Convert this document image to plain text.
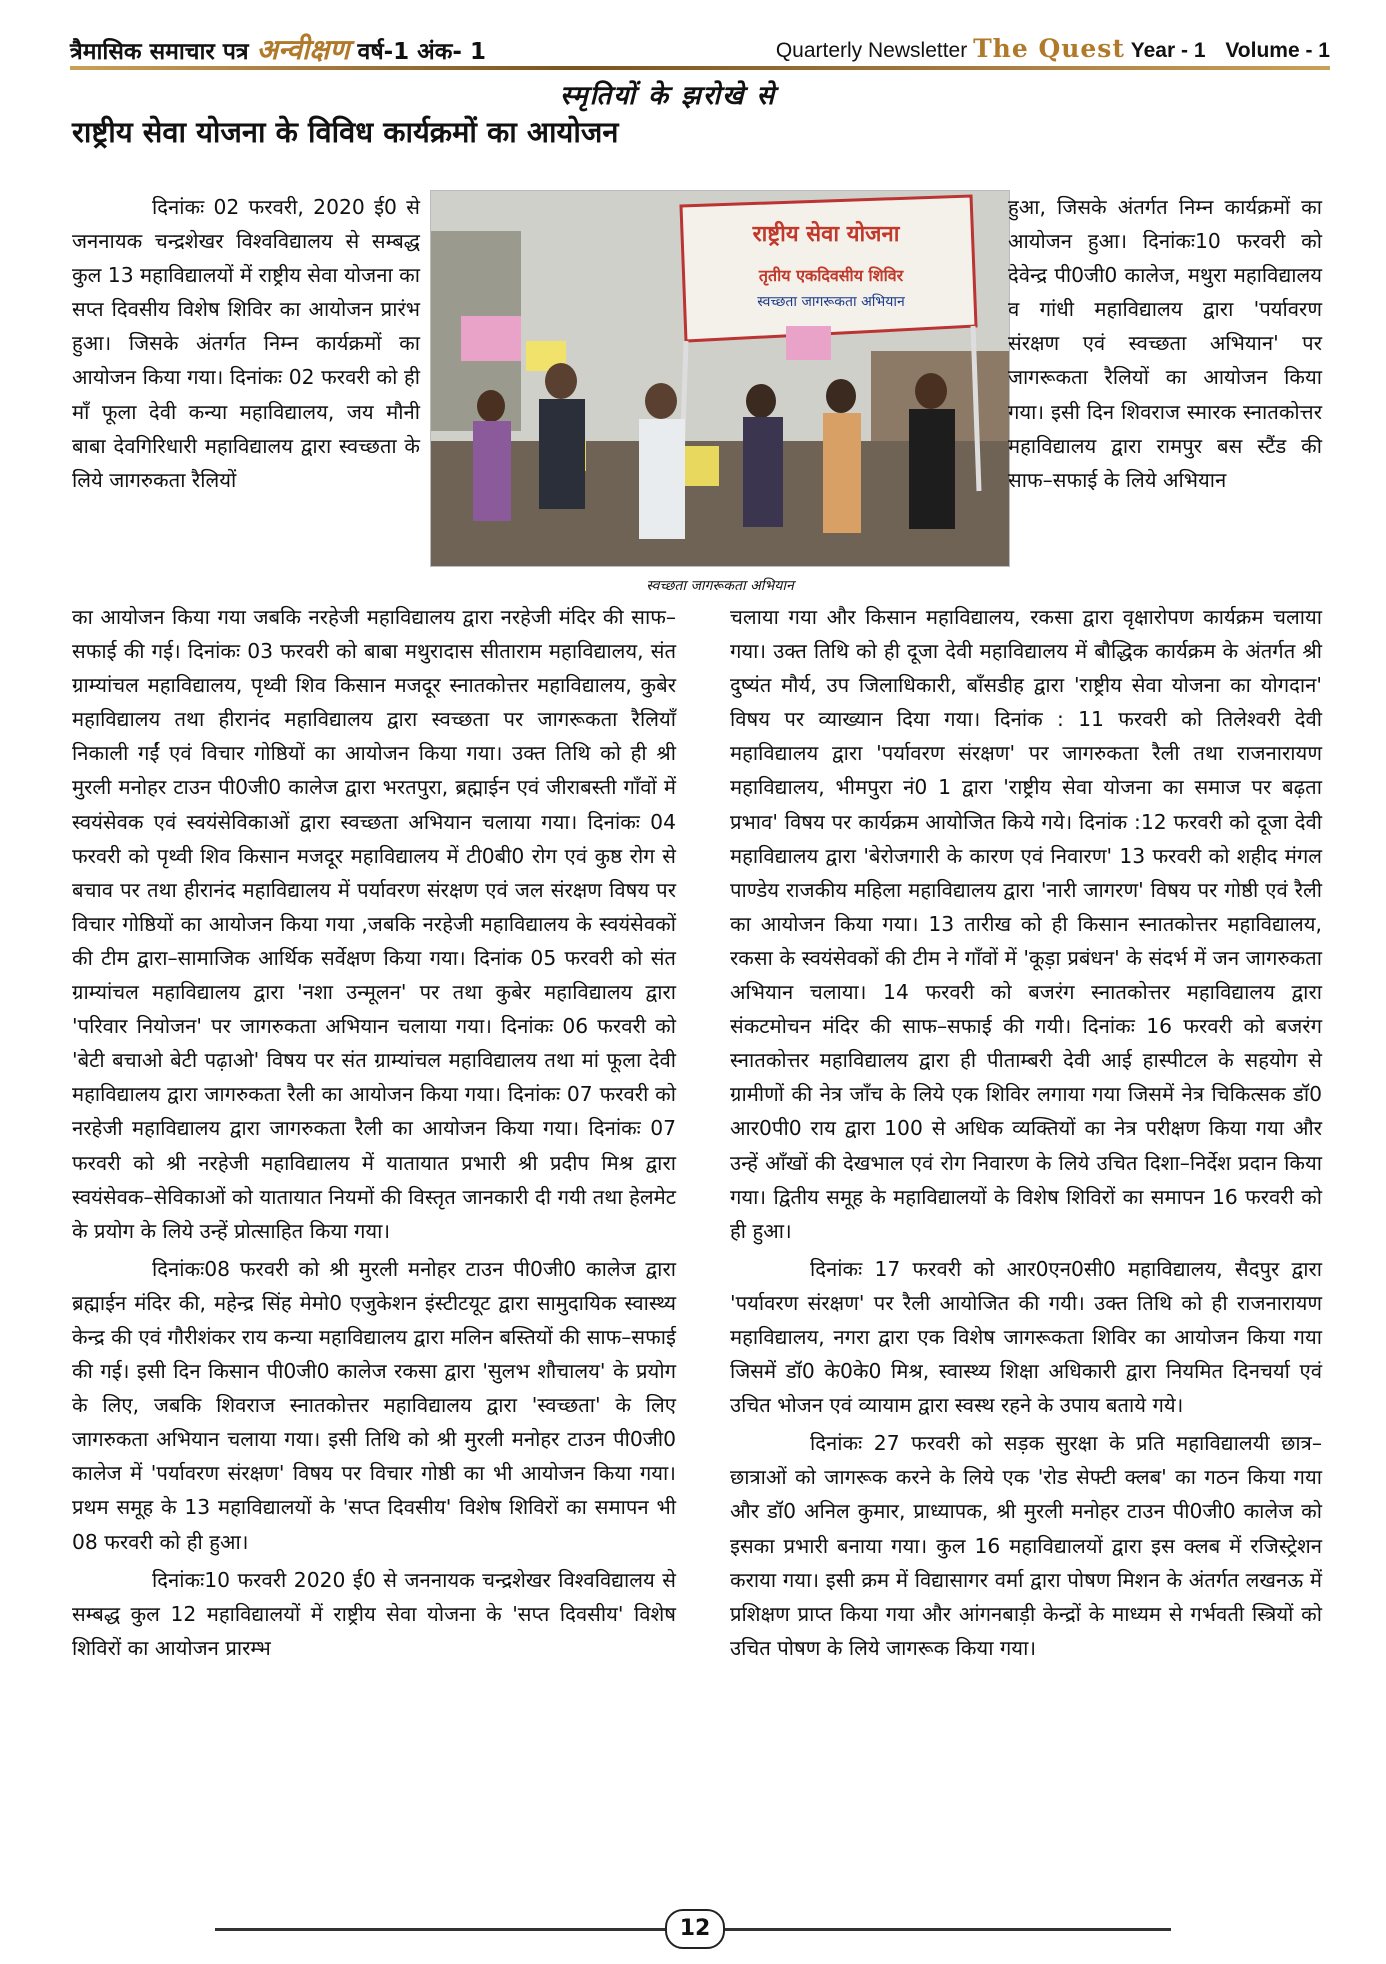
त्रैमासिक समाचार पत्र अन्वीक्षण वर्ष-1 अंक- 1	Quarterly Newsletter The Quest Year - 1 Volume - 1
स्मृतियों के झरोखे से
राष्ट्रीय सेवा योजना के विविध कार्यक्रमों का आयोजन

दिनांकः 02 फरवरी, 2020 ई0 से जननायक चन्द्रशेखर विश्वविद्यालय से सम्बद्ध कुल 13 महाविद्यालयों में राष्ट्रीय सेवा योजना का सप्त दिवसीय विशेष शिविर का आयोजन प्रारंभ हुआ। जिसके अंतर्गत निम्न कार्यक्रमों का आयोजन किया गया। दिनांकः 02 फरवरी को ही माँ फूला देवी कन्या महाविद्यालय, जय मौनी बाबा देवगिरिधारी महाविद्यालय द्वारा स्वच्छता के लिये जागरुकता रैलियों

राष्ट्रीय सेवा योजना
तृतीय एकदिवसीय शिविर
स्वच्छता जागरूकता अभियान
स्वच्छता जागरूकता अभियान

हुआ, जिसके अंतर्गत निम्न कार्यक्रमों का आयोजन हुआ। दिनांकः10 फरवरी को देवेन्द्र पी0जी0 कालेज, मथुरा महाविद्यालय व गांधी महाविद्यालय द्वारा 'पर्यावरण संरक्षण एवं स्वच्छता अभियान' पर जागरूकता रैलियों का आयोजन किया गया। इसी दिन शिवराज स्मारक स्नातकोत्तर महाविद्यालय द्वारा रामपुर बस स्टैंड की साफ–सफाई के लिये अभियान

का आयोजन किया गया जबकि नरहेजी महाविद्यालय द्वारा नरहेजी मंदिर की साफ–सफाई की गई। दिनांकः 03 फरवरी को बाबा मथुरादास सीताराम महाविद्यालय, संत ग्राम्यांचल महाविद्यालय, पृथ्वी शिव किसान मजदूर स्नातकोत्तर महाविद्यालय, कुबेर महाविद्यालय तथा हीरानंद महाविद्यालय द्वारा स्वच्छता पर जागरूकता रैलियाँ निकाली गईं एवं विचार गोष्ठियों का आयोजन किया गया। उक्त तिथि को ही श्री मुरली मनोहर टाउन पी0जी0 कालेज द्वारा भरतपुरा, ब्रह्माईन एवं जीराबस्ती गाँवों में स्वयंसेवक एवं स्वयंसेविकाओं द्वारा स्वच्छता अभियान चलाया गया। दिनांकः 04 फरवरी को पृथ्वी शिव किसान मजदूर महाविद्यालय में टी0बी0 रोग एवं कुष्ठ रोग से बचाव पर तथा हीरानंद महाविद्यालय में पर्यावरण संरक्षण एवं जल संरक्षण विषय पर विचार गोष्ठियों का आयोजन किया गया ,जबकि नरहेजी महाविद्यालय के स्वयंसेवकों की टीम द्वारा–सामाजिक आर्थिक सर्वेक्षण किया गया। दिनांक 05 फरवरी को संत ग्राम्यांचल महाविद्यालय द्वारा 'नशा उन्मूलन' पर तथा कुबेर महाविद्यालय द्वारा 'परिवार नियोजन' पर जागरुकता अभियान चलाया गया। दिनांकः 06 फरवरी को 'बेटी बचाओ बेटी पढ़ाओ' विषय पर संत ग्राम्यांचल महाविद्यालय तथा मां फूला देवी महाविद्यालय द्वारा जागरुकता रैली का आयोजन किया गया। दिनांकः 07 फरवरी को नरहेजी महाविद्यालय द्वारा जागरुकता रैली का आयोजन किया गया। दिनांकः 07 फरवरी को श्री नरहेजी महाविद्यालय में यातायात प्रभारी श्री प्रदीप मिश्र द्वारा स्वयंसेवक–सेविकाओं को यातायात नियमों की विस्तृत जानकारी दी गयी तथा हेलमेट के प्रयोग के लिये उन्हें प्रोत्साहित किया गया।

दिनांकः08 फरवरी को श्री मुरली मनोहर टाउन पी0जी0 कालेज द्वारा ब्रह्माईन मंदिर की, महेन्द्र सिंह मेमो0 एजुकेशन इंस्टीटयूट द्वारा सामुदायिक स्वास्थ्य केन्द्र की एवं गौरीशंकर राय कन्या महाविद्यालय द्वारा मलिन बस्तियों की साफ–सफाई की गई। इसी दिन किसान पी0जी0 कालेज रकसा द्वारा 'सुलभ शौचालय' के प्रयोग के लिए, जबकि शिवराज स्नातकोत्तर महाविद्यालय द्वारा 'स्वच्छता' के लिए जागरुकता अभियान चलाया गया। इसी तिथि को श्री मुरली मनोहर टाउन पी0जी0 कालेज में 'पर्यावरण संरक्षण' विषय पर विचार गोष्ठी का भी आयोजन किया गया। प्रथम समूह के 13 महाविद्यालयों के 'सप्त दिवसीय' विशेष शिविरों का समापन भी 08 फरवरी को ही हुआ।

दिनांकः10 फरवरी 2020 ई0 से जननायक चन्द्रशेखर विश्वविद्यालय से सम्बद्ध कुल 12 महाविद्यालयों में राष्ट्रीय सेवा योजना के 'सप्त दिवसीय' विशेष शिविरों का आयोजन प्रारम्भ

चलाया गया और किसान महाविद्यालय, रकसा द्वारा वृक्षारोपण कार्यक्रम चलाया गया। उक्त तिथि को ही दूजा देवी महाविद्यालय में बौद्धिक कार्यक्रम के अंतर्गत श्री दुष्यंत मौर्य, उप जिलाधिकारी, बाँसडीह द्वारा 'राष्ट्रीय सेवा योजना का योगदान' विषय पर व्याख्यान दिया गया। दिनांक : 11 फरवरी को तिलेश्वरी देवी महाविद्यालय द्वारा 'पर्यावरण संरक्षण' पर जागरुकता रैली तथा राजनारायण महाविद्यालय, भीमपुरा नं0 1 द्वारा 'राष्ट्रीय सेवा योजना का समाज पर बढ़ता प्रभाव' विषय पर कार्यक्रम आयोजित किये गये। दिनांक :12 फरवरी को दूजा देवी महाविद्यालय द्वारा 'बेरोजगारी के कारण एवं निवारण' 13 फरवरी को शहीद मंगल पाण्डेय राजकीय महिला महाविद्यालय द्वारा 'नारी जागरण' विषय पर गोष्ठी एवं रैली का आयोजन किया गया। 13 तारीख को ही किसान स्नातकोत्तर महाविद्यालय, रकसा के स्वयंसेवकों की टीम ने गाँवों में 'कूड़ा प्रबंधन' के संदर्भ में जन जागरुकता अभियान चलाया। 14 फरवरी को बजरंग स्नातकोत्तर महाविद्यालय द्वारा संकटमोचन मंदिर की साफ–सफाई की गयी। दिनांकः 16 फरवरी को बजरंग स्नातकोत्तर महाविद्यालय द्वारा ही पीताम्बरी देवी आई हास्पीटल के सहयोग से ग्रामीणों की नेत्र जाँच के लिये एक शिविर लगाया गया जिसमें नेत्र चिकित्सक डॉ0 आर0पी0 राय द्वारा 100 से अधिक व्यक्तियों का नेत्र परीक्षण किया गया और उन्हें आँखों की देखभाल एवं रोग निवारण के लिये उचित दिशा–निर्देश प्रदान किया गया। द्वितीय समूह के महाविद्यालयों के विशेष शिविरों का समापन 16 फरवरी को ही हुआ।

दिनांकः 17 फरवरी को आर0एन0सी0 महाविद्यालय, सैदपुर द्वारा 'पर्यावरण संरक्षण' पर रैली आयोजित की गयी। उक्त तिथि को ही राजनारायण महाविद्यालय, नगरा द्वारा एक विशेष जागरूकता शिविर का आयोजन किया गया जिसमें डॉ0 के0के0 मिश्र, स्वास्थ्य शिक्षा अधिकारी द्वारा नियमित दिनचर्या एवं उचित भोजन एवं व्यायाम द्वारा स्वस्थ रहने के उपाय बताये गये।

दिनांकः 27 फरवरी को सड़क सुरक्षा के प्रति महाविद्यालयी छात्र–छात्राओं को जागरूक करने के लिये एक 'रोड सेफ्टी क्लब' का गठन किया गया और डॉ0 अनिल कुमार, प्राध्यापक, श्री मुरली मनोहर टाउन पी0जी0 कालेज को इसका प्रभारी बनाया गया। कुल 16 महाविद्यालयों द्वारा इस क्लब में रजिस्ट्रेशन कराया गया। इसी क्रम में विद्यासागर वर्मा द्वारा पोषण मिशन के अंतर्गत लखनऊ में प्रशिक्षण प्राप्त किया गया और आंगनबाड़ी केन्द्रों के माध्यम से गर्भवती स्त्रियों को उचित पोषण के लिये जागरूक किया गया।

12
